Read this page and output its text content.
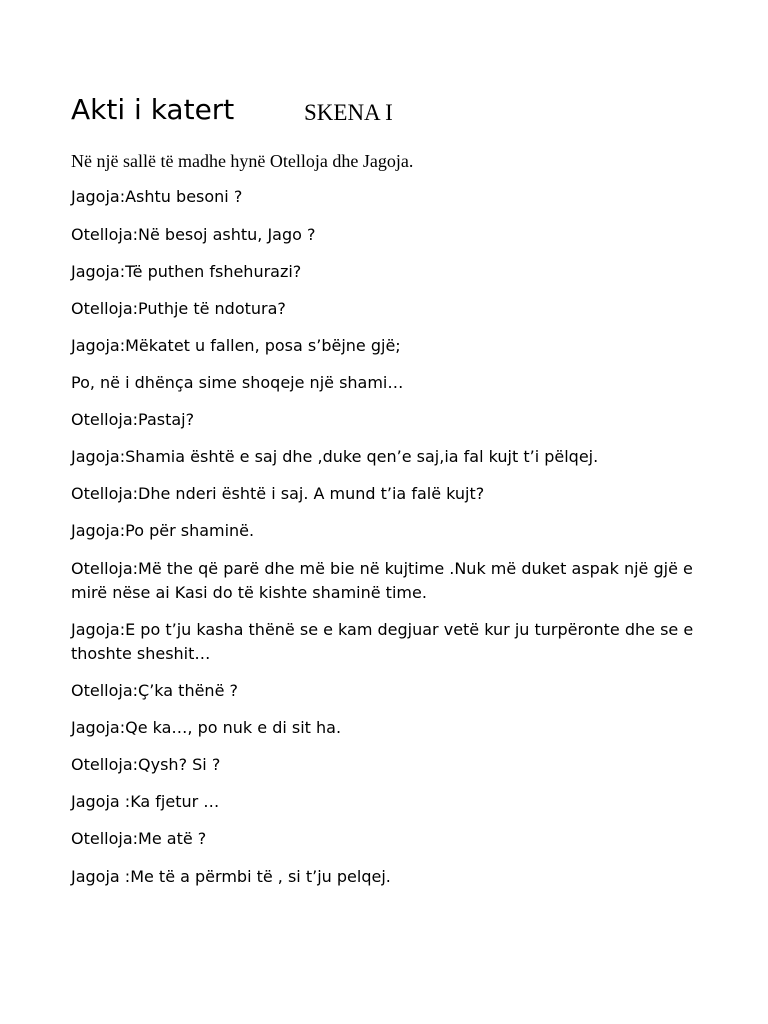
Akti i katert	SKENA I
Në një sallë të madhe hynë Otelloja dhe Jagoja.
Jagoja:Ashtu besoni ?
Otelloja:Në besoj ashtu, Jago ?
Jagoja:Të puthen fshehurazi?
Otelloja:Puthje të ndotura?
Jagoja:Mëkatet u fallen, posa s’bëjne gjë;
Po, në i dhënça sime shoqeje një shami…
Otelloja:Pastaj?
Jagoja:Shamia është e saj dhe ,duke qen’e saj,ia fal kujt t’i pëlqej.
Otelloja:Dhe nderi është i saj. A mund t’ia falë kujt?
Jagoja:Po për shaminë.
Otelloja:Më the që parë dhe më bie në kujtime .Nuk më duket aspak një gjë e mirë nëse ai Kasi do të kishte shaminë time.
Jagoja:E po t’ju kasha thënë se e kam degjuar vetë kur ju turpëronte dhe se e thoshte sheshit…
Otelloja:Ç’ka thënë ?
Jagoja:Qe ka…, po nuk e di sit ha.
Otelloja:Qysh? Si ?
Jagoja :Ka fjetur …
Otelloja:Me atë ?
Jagoja :Me të a përmbi të , si t’ju pelqej.
